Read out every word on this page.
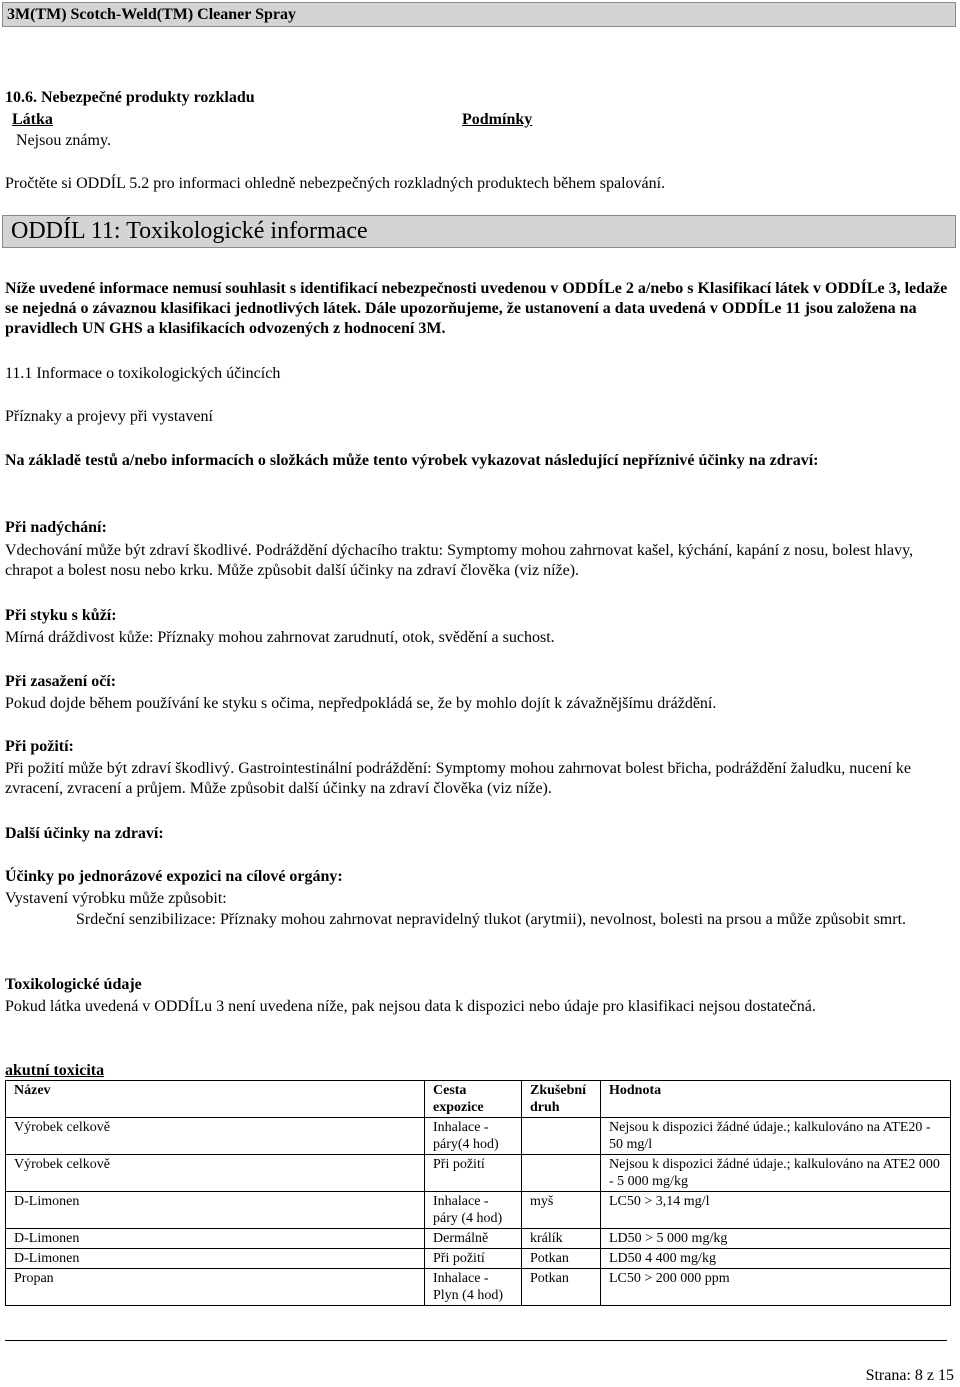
3M(TM) Scotch-Weld(TM) Cleaner Spray
10.6. Nebezpečné produkty rozkladu
Látka	Podmínky
Nejsou známy.
Pročtěte si ODDÍL 5.2 pro informaci ohledně nebezpečných rozkladných produktech během spalování.
ODDÍL 11: Toxikologické informace
Níže uvedené informace nemusí souhlasit s identifikací nebezpečnosti uvedenou v ODDÍLe 2 a/nebo s Klasifikací látek v ODDÍLe 3, ledaže se nejedná o závaznou klasifikaci jednotlivých látek. Dále upozorňujeme, že ustanovení a data uvedená v ODDÍLe 11 jsou založena na pravidlech UN GHS a klasifikacích odvozených z hodnocení 3M.
11.1 Informace o toxikologických účincích
Příznaky a projevy při vystavení
Na základě testů a/nebo informacích o složkách může tento výrobek vykazovat následující nepříznivé účinky na zdraví:
Při nadýchání:
Vdechování může být zdraví škodlivé. Podráždění dýchacího traktu: Symptomy mohou zahrnovat kašel, kýchání, kapání z nosu, bolest hlavy, chrapot a bolest nosu nebo krku. Může způsobit další účinky na zdraví člověka (viz níže).
Při styku s kůží:
Mírná dráždivost kůže: Příznaky mohou zahrnovat zarudnutí, otok, svědění a suchost.
Při zasažení očí:
Pokud dojde během používání ke styku s očima, nepředpokládá se, že by mohlo dojít k závažnějšímu dráždění.
Při požití:
Při požití může být zdraví škodlivý. Gastrointestinální podráždění: Symptomy mohou zahrnovat bolest břicha, podráždění žaludku, nucení ke zvracení, zvracení a průjem. Může způsobit další účinky na zdraví člověka (viz níže).
Další účinky na zdraví:
Účinky po jednorázové expozici na cílové orgány:
Vystavení výrobku může způsobit:
Srdeční senzibilizace: Příznaky mohou zahrnovat nepravidelný tlukot (arytmii), nevolnost, bolesti na prsou a může způsobit smrt.
Toxikologické údaje
Pokud látka uvedená v ODDÍLu 3 není uvedena níže, pak nejsou data k dispozici nebo údaje pro klasifikaci nejsou dostatečná.
akutní toxicita
Název	Cesta expozice	Zkušební druh	Hodnota
Výrobek celkově	Inhalace - páry(4 hod)		Nejsou k dispozici žádné údaje.; kalkulováno na ATE20 - 50 mg/l
Výrobek celkově	Při požití		Nejsou k dispozici žádné údaje.; kalkulováno na ATE2 000 - 5 000 mg/kg
D-Limonen	Inhalace - páry (4 hod)	myš	LC50 > 3,14 mg/l
D-Limonen	Dermálně	králík	LD50 > 5 000 mg/kg
D-Limonen	Při požití	Potkan	LD50 4 400 mg/kg
Propan	Inhalace - Plyn (4 hod)	Potkan	LC50 > 200 000 ppm
Strana: 8 z 15
